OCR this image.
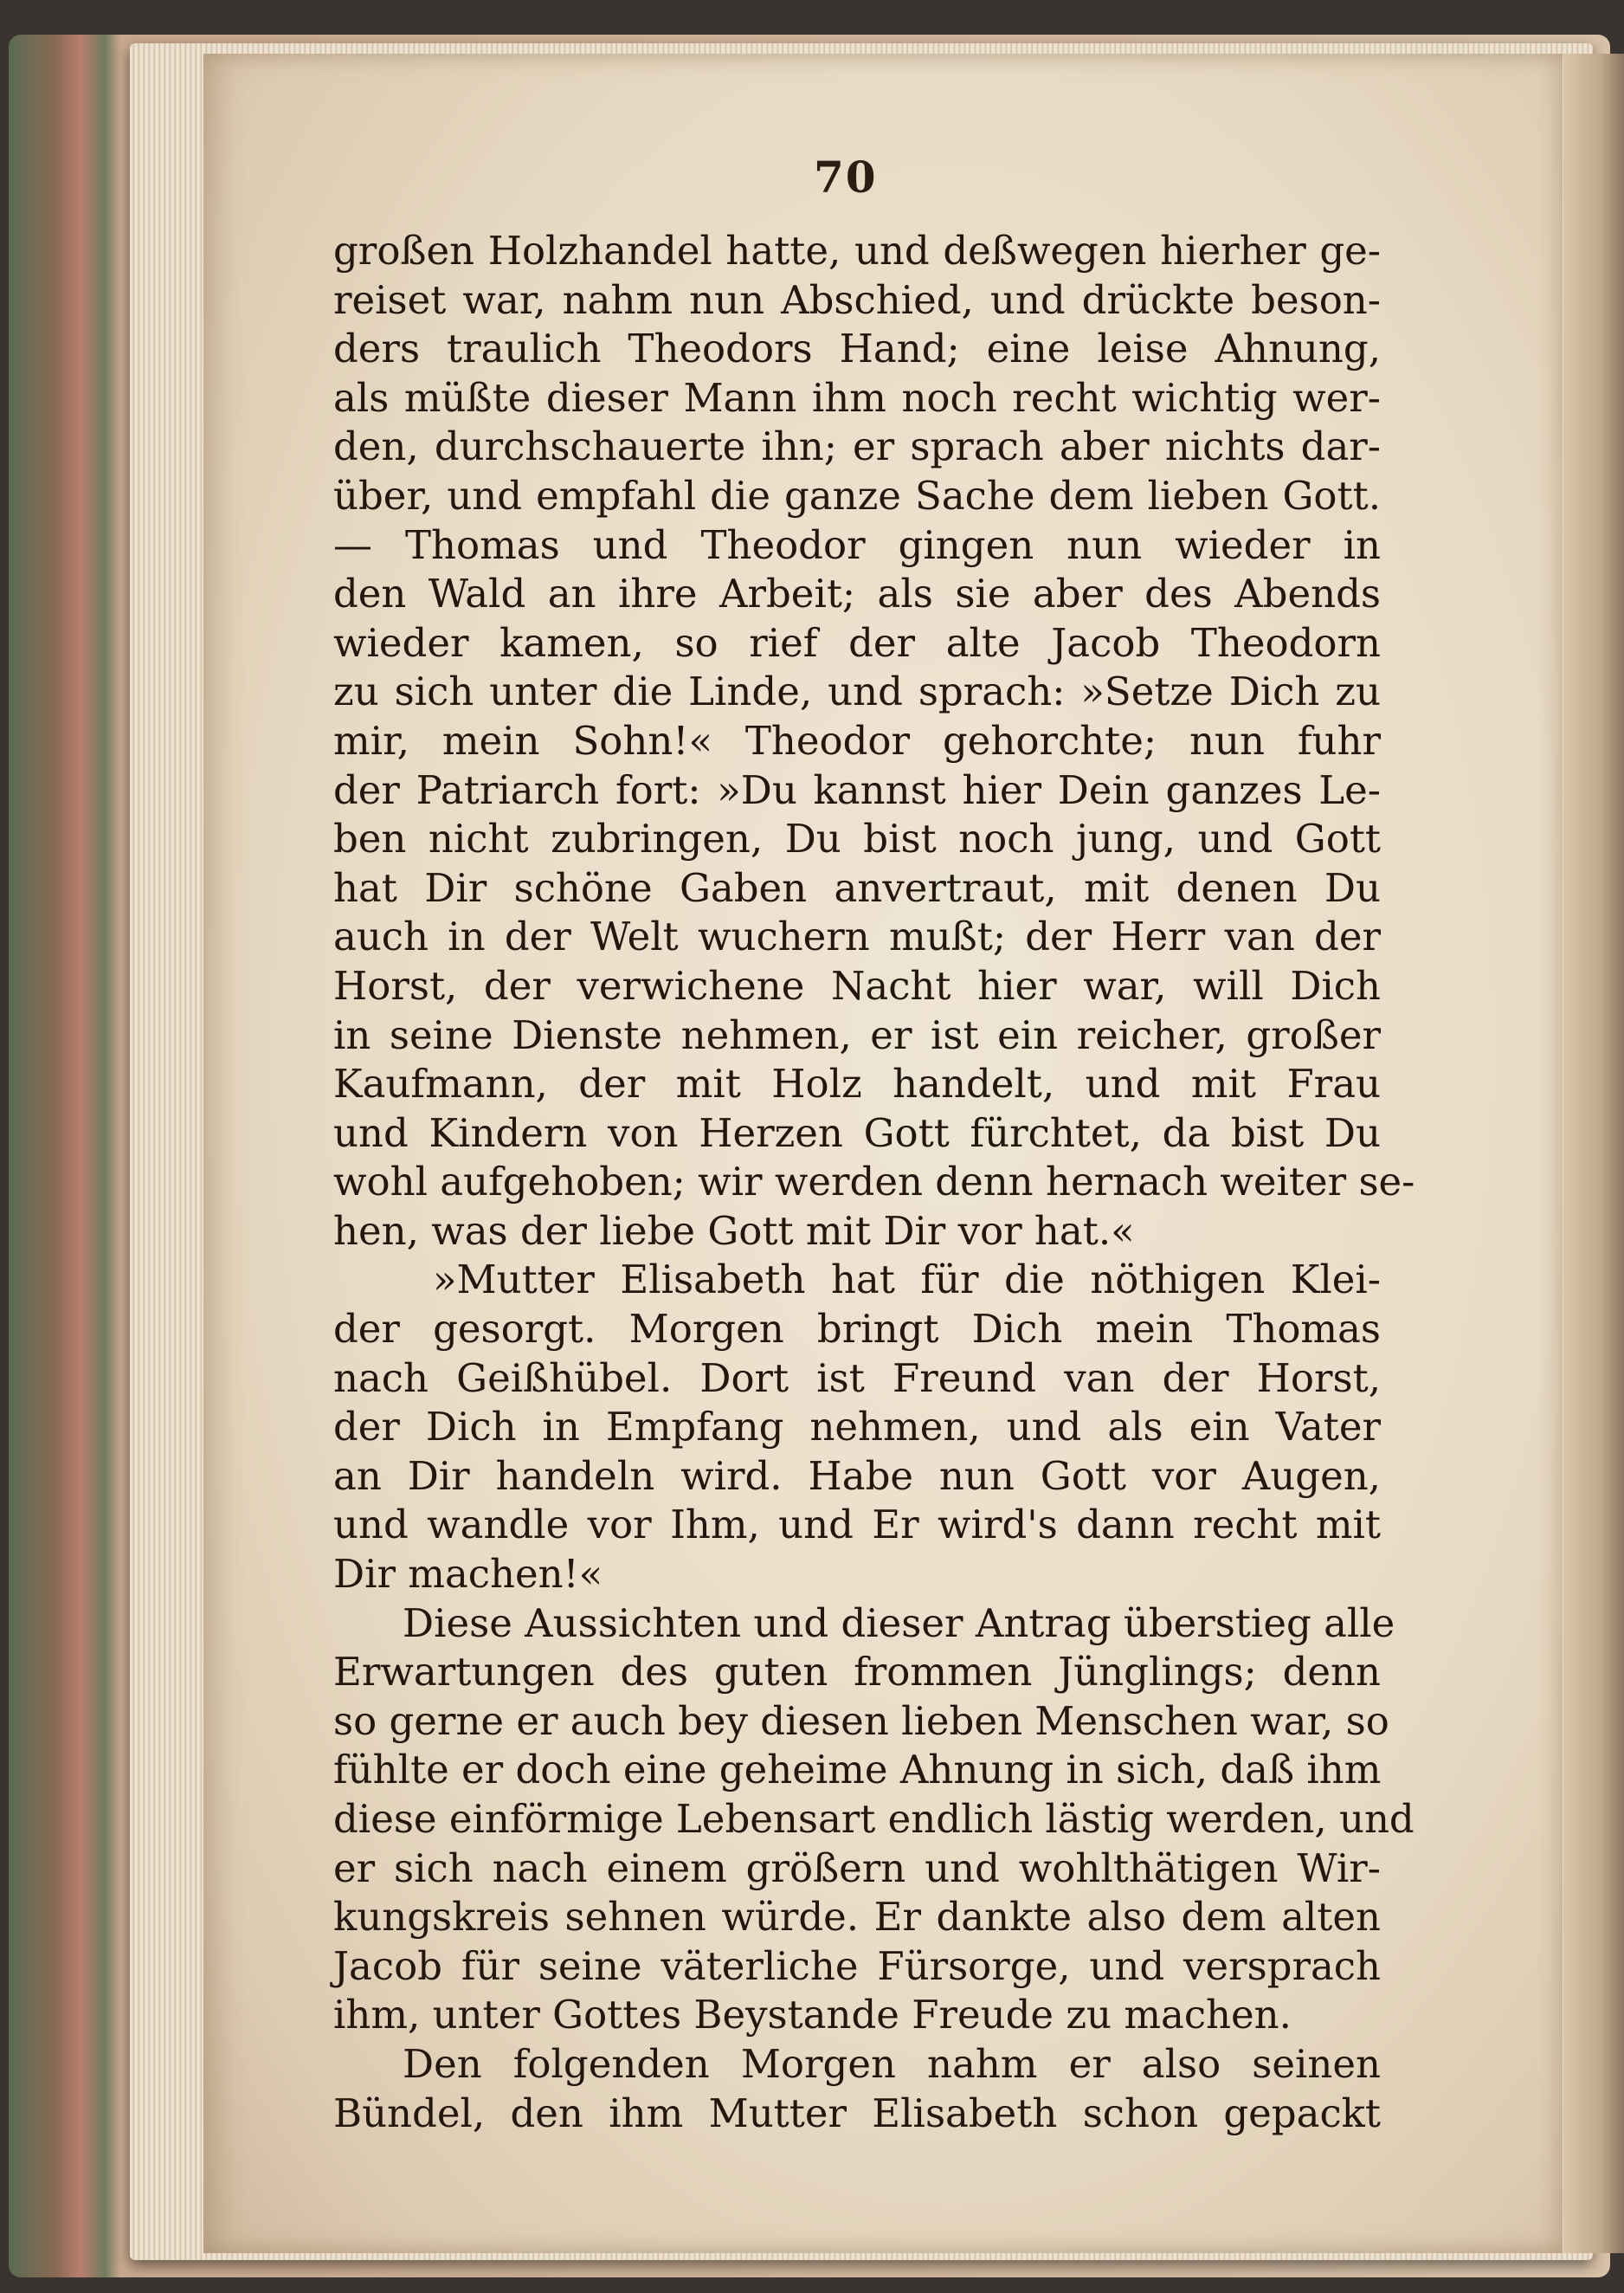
70
großen Holzhandel hatte, und deßwegen hierher ge-
reiset war, nahm nun Abschied, und drückte beson-
ders traulich Theodors Hand; eine leise Ahnung,
als müßte dieser Mann ihm noch recht wichtig wer-
den, durchschauerte ihn; er sprach aber nichts dar-
über, und empfahl die ganze Sache dem lieben Gott.
— Thomas und Theodor gingen nun wieder in
den Wald an ihre Arbeit; als sie aber des Abends
wieder kamen, so rief der alte Jacob Theodorn
zu sich unter die Linde, und sprach: »Setze Dich zu
mir, mein Sohn!« Theodor gehorchte; nun fuhr
der Patriarch fort: »Du kannst hier Dein ganzes Le-
ben nicht zubringen, Du bist noch jung, und Gott
hat Dir schöne Gaben anvertraut, mit denen Du
auch in der Welt wuchern mußt; der Herr van der
Horst, der verwichene Nacht hier war, will Dich
in seine Dienste nehmen, er ist ein reicher, großer
Kaufmann, der mit Holz handelt, und mit Frau
und Kindern von Herzen Gott fürchtet, da bist Du
wohl aufgehoben; wir werden denn hernach weiter se-
hen, was der liebe Gott mit Dir vor hat.«
»Mutter Elisabeth hat für die nöthigen Klei-
der gesorgt. Morgen bringt Dich mein Thomas
nach Geißhübel. Dort ist Freund van der Horst,
der Dich in Empfang nehmen, und als ein Vater
an Dir handeln wird. Habe nun Gott vor Augen,
und wandle vor Ihm, und Er wird's dann recht mit
Dir machen!«
Diese Aussichten und dieser Antrag überstieg alle
Erwartungen des guten frommen Jünglings; denn
so gerne er auch bey diesen lieben Menschen war, so
fühlte er doch eine geheime Ahnung in sich, daß ihm
diese einförmige Lebensart endlich lästig werden, und
er sich nach einem größern und wohlthätigen Wir-
kungskreis sehnen würde. Er dankte also dem alten
Jacob für seine väterliche Fürsorge, und versprach
ihm, unter Gottes Beystande Freude zu machen.
Den folgenden Morgen nahm er also seinen
Bündel, den ihm Mutter Elisabeth schon gepackt
